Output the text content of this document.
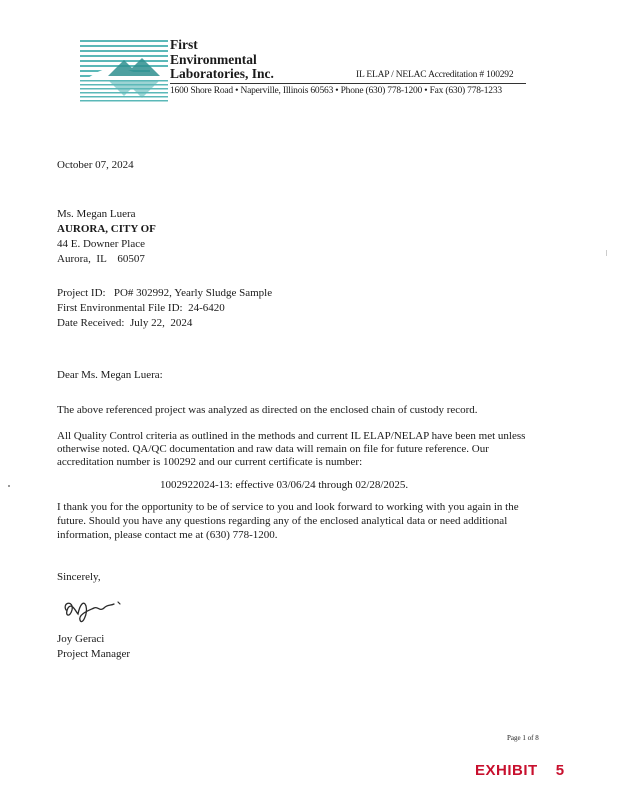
First
Environmental
Laboratories, Inc.	IL ELAP / NELAC Accreditation # 100292
1600 Shore Road • Naperville, Illinois 60563 • Phone (630) 778-1200 • Fax (630) 778-1233
October 07, 2024
Ms. Megan Luera
AURORA, CITY OF
44 E. Downer Place
Aurora,  IL    60507
Project ID:   PO# 302992, Yearly Sludge Sample
First Environmental File ID:  24-6420
Date Received:  July 22,  2024
Dear Ms. Megan Luera:
The above referenced project was analyzed as directed on the enclosed chain of custody record.
All Quality Control criteria as outlined in the methods and current IL ELAP/NELAP have been met unless otherwise noted. QA/QC documentation and raw data will remain on file for future reference. Our accreditation number is 100292 and our current certificate is number:
1002922024-13: effective 03/06/24 through 02/28/2025.
I thank you for the opportunity to be of service to you and look forward to working with you again in the future. Should you have any questions regarding any of the enclosed analytical data or need additional information, please contact me at (630) 778-1200.
Sincerely,
Joy Geraci
Project Manager
Page 1 of 8
EXHIBIT 5
